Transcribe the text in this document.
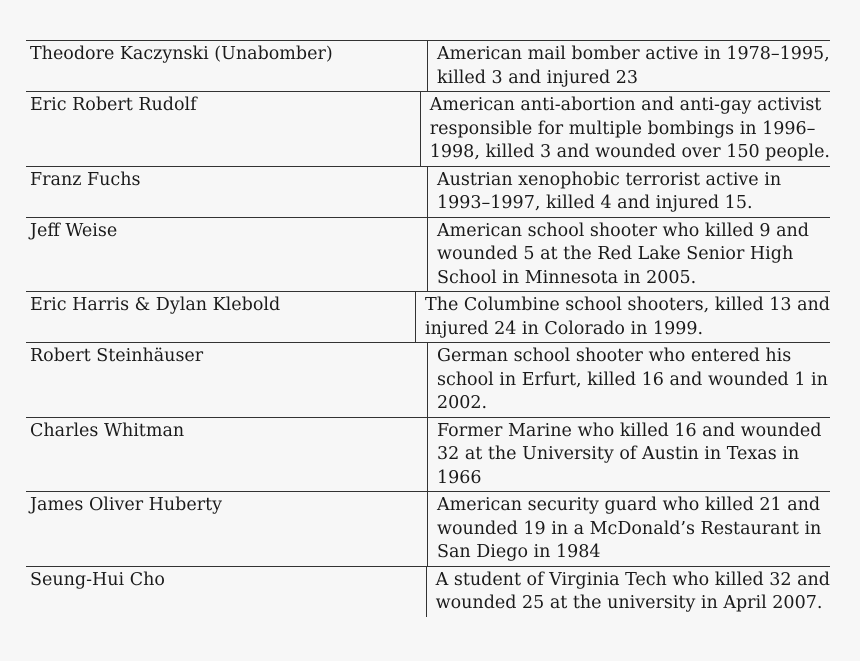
Theodore Kaczynski (Unabomber)	American mail bomber active in 1978–1995,
killed 3 and injured 23
Eric Robert Rudolf	American anti-abortion and anti-gay activist
responsible for multiple bombings in 1996–
1998, killed 3 and wounded over 150 people.
Franz Fuchs	Austrian xenophobic terrorist active in
1993–1997, killed 4 and injured 15.
Jeff Weise	American school shooter who killed 9 and
wounded 5 at the Red Lake Senior High
School in Minnesota in 2005.
Eric Harris & Dylan Klebold	The Columbine school shooters, killed 13 and
injured 24 in Colorado in 1999.
Robert Steinhäuser	German school shooter who entered his
school in Erfurt, killed 16 and wounded 1 in
2002.
Charles Whitman	Former Marine who killed 16 and wounded
32 at the University of Austin in Texas in
1966
James Oliver Huberty	American security guard who killed 21 and
wounded 19 in a McDonald’s Restaurant in
San Diego in 1984
Seung-Hui Cho	A student of Virginia Tech who killed 32 and
wounded 25 at the university in April 2007.
